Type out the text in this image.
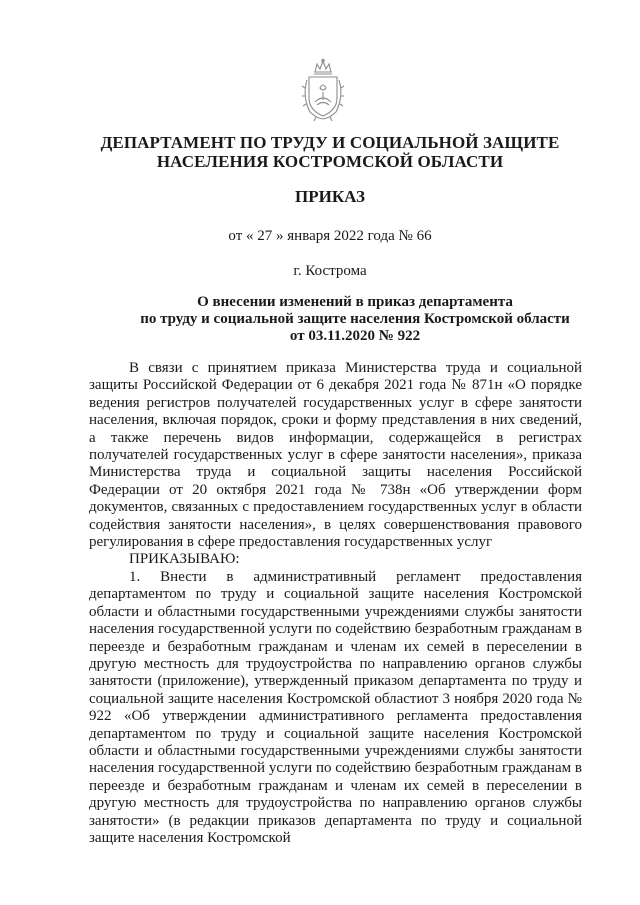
ДЕПАРТАМЕНТ ПО ТРУДУ И СОЦИАЛЬНОЙ ЗАЩИТЕ
НАСЕЛЕНИЯ КОСТРОМСКОЙ ОБЛАСТИ
ПРИКАЗ
от « 27 » января 2022 года № 66
г. Кострома
О внесении изменений в приказ департамента
по труду и социальной защите населения Костромской области
от 03.11.2020 № 922

В связи с принятием приказа Министерства труда и социальной защиты Российской Федерации от 6 декабря 2021 года № 871н «О порядке ведения регистров получателей государственных услуг в сфере занятости населения, включая порядок, сроки и форму представления в них сведений, а также перечень видов информации, содержащейся в регистрах получателей государственных услуг в сфере занятости населения», приказа Министерства труда и социальной защиты населения Российской Федерации от 20 октября 2021 года № 738н «Об утверждении форм документов, связанных с предоставлением государственных услуг в области содействия занятости населения», в целях совершенствования правового регулирования в сфере предоставления государственных услуг

ПРИКАЗЫВАЮ:

1. Внести в административный регламент предоставления департаментом по труду и социальной защите населения Костромской области и областными государственными учреждениями службы занятости населения государственной услуги по содействию безработным гражданам в переезде и безработным гражданам и членам их семей в переселении в другую местность для трудоустройства по направлению органов службы занятости (приложение), утвержденный приказом департамента по труду и социальной защите населения Костромской областиот 3 ноября 2020 года № 922 «Об утверждении административного регламента предоставления департаментом по труду и социальной защите населения Костромской области и областными государственными учреждениями службы занятости населения государственной услуги по содействию безработным гражданам в переезде и безработным гражданам и членам их семей в переселении в другую местность для трудоустройства по направлению органов службы занятости» (в редакции приказов департамента по труду и социальной защите населения Костромской
